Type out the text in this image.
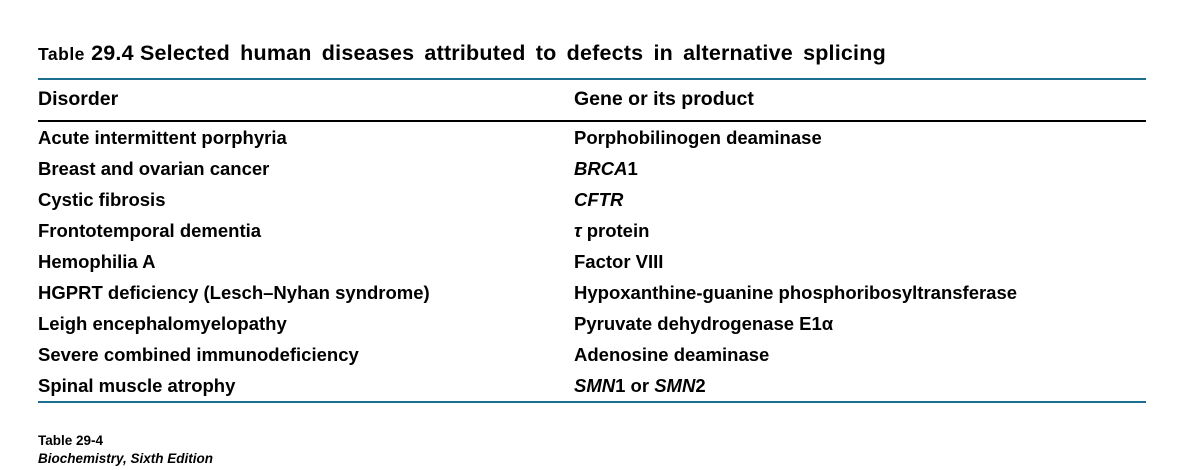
Table 29.4 Selected human diseases attributed to defects in alternative splicing
Disorder	Gene or its product
Acute intermittent porphyria	Porphobilinogen deaminase
Breast and ovarian cancer	BRCA1
Cystic fibrosis	CFTR
Frontotemporal dementia	τ protein
Hemophilia A	Factor VIII
HGPRT deficiency (Lesch–Nyhan syndrome)	Hypoxanthine-guanine phosphoribosyltransferase
Leigh encephalomyelopathy	Pyruvate dehydrogenase E1α
Severe combined immunodeficiency	Adenosine deaminase
Spinal muscle atrophy	SMN1 or SMN2
Table 29-4
Biochemistry, Sixth Edition
